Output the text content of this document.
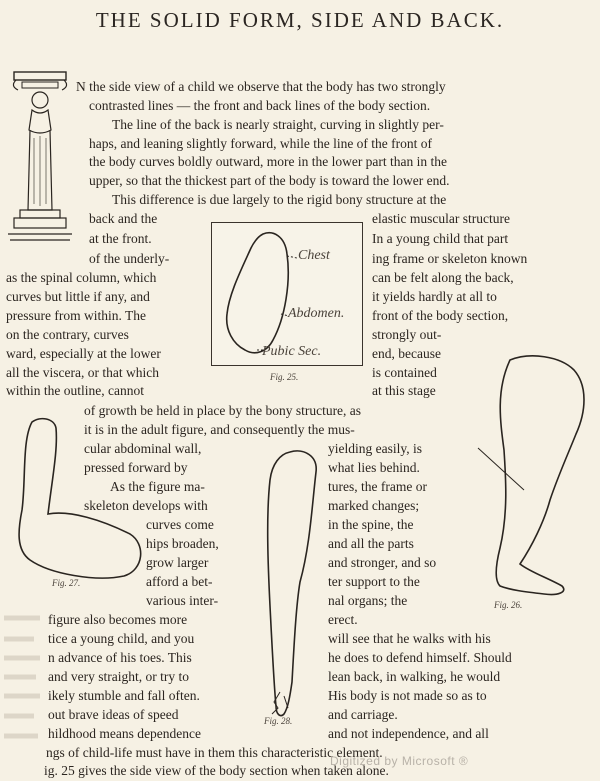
THE SOLID FORM, SIDE AND BACK.
N the side view of a child we observe that the body has two strongly
contrasted lines — the front and back lines of the body section.
The line of the back is nearly straight, curving in slightly per-
haps, and leaning slightly forward, while the line of the front of
the body curves boldly outward, more in the lower part than in the
upper, so that the thickest part of the body is toward the lower end.
This difference is due largely to the rigid bony structure at the
back and the	elastic muscular structure
at the front.	In a young child that part
of the underly-	ing frame or skeleton known
as the spinal column, which	can be felt along the back,
curves but little if any, and	it yields hardly at all to
pressure from within. The	front of the body section,
on the contrary, curves	strongly out-
ward, especially at the lower	end, because
all the viscera, or that which	is contained
within the outline, cannot	at this stage
of growth be held in place by the bony structure, as
it is in the adult figure, and consequently the mus-
cular abdominal wall,	yielding easily, is
pressed forward by	what lies behind.
As the figure ma-	tures, the frame or
skeleton develops with	marked changes;
curves come	in the spine, the
hips broaden,	and all the parts
grow larger	and stronger, and so
afford a bet-	ter support to the
various inter-	nal organs; the
figure also becomes more	erect.
tice a young child, and you	will see that he walks with his
n advance of his toes. This	he does to defend himself. Should
and very straight, or try to	lean back, in walking, he would
ikely stumble and fall often.	His body is not made so as to
out brave ideas of speed	and carriage.
hildhood means dependence	and not independence, and all
ngs of child-life must have in them this characteristic element.
ig. 25 gives the side view of the body section when taken alone.
Chest
Abdomen.
Pubic Sec.
Fig. 25.
Fig. 27.
Fig. 28.
Fig. 26.
Digitized by Microsoft ®
